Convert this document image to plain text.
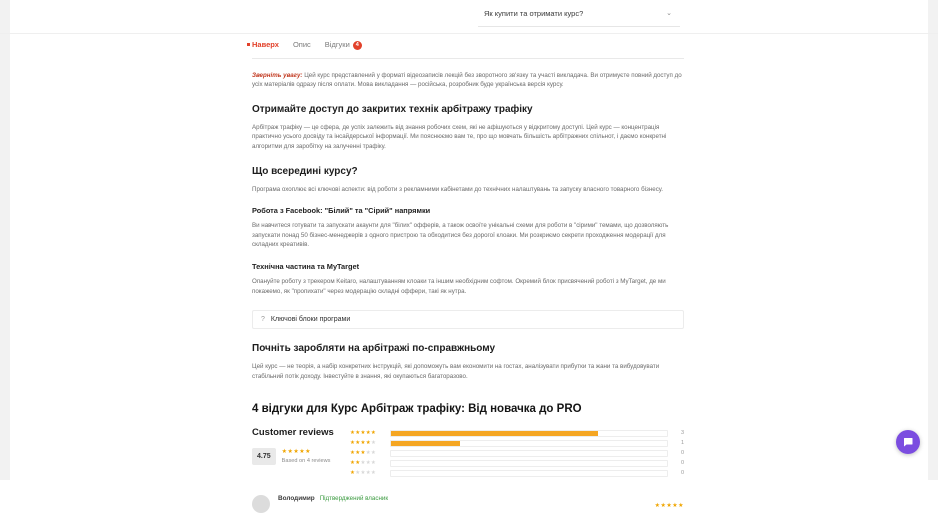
Як купити та отримати курс?	⌄
Наверх Опис Відгуки 4

Зверніть увагу: Цей курс представлений у форматі відеозаписів лекцій без зворотного зв'язку та участі викладача. Ви отримуєте повний доступ до усіх матеріалів одразу після оплати. Мова викладання — російська, розробник буде українська версія курсу.

Отримайте доступ до закритих технік арбітражу трафіку

Арбітраж трафіку — це сфера, де успіх залежить від знання робочих схем, які не афішуються у відкритому доступі. Цей курс — концентрація практично усього досвіду та інсайдерської інформації. Ми пояснюємо вам те, про що мовчать більшість арбітражних спільнот, і даємо конкретні алгоритми для заробітку на залученні трафіку.

Що всередині курсу?

Програма охоплює всі ключові аспекти: від роботи з рекламними кабінетами до технічних налаштувань та запуску власного товарного бізнесу.

Робота з Facebook: "Білий" та "Сірий" напрямки

Ви навчитеся готувати та запускати акаунти для "білих" офферів, а також освоїте унікальні схеми для роботи в "сірими" темами, що дозволяють запускати понад 50 бізнес-менеджерів з одного пристрою та обходитися без дорогої клоаки. Ми розкриємо секрети проходження модерації для складних креативів.

Технічна частина та MyTarget

Опануйте роботу з трекером Keitaro, налаштуванням клоаки та іншим необхідним софтом. Окремий блок присвячений роботі з MyTarget, де ми покажемо, як "пропихати" через модерацію складні оффери, такі як нутра.

? Ключові блоки програми
Почніть заробляти на арбітражі по-справжньому

Цей курс — не теорія, а набір конкретних інструкцій, які допоможуть вам економити на гостах, аналізувати прибутки та жани та вибудовувати стабільний потік доходу. Інвестуйте в знання, які окупаються багаторазово.

4 відгуки для Курс Арбітраж трафіку: Від новачка до PRO
Customer reviews
4.75
★★★★★
Based on 4 reviews
★★★★★	3
★★★★★	1
★★★★★	0
★★★★★	0
★★★★★	0
Володимир Підтверджений власник
★★★★★
